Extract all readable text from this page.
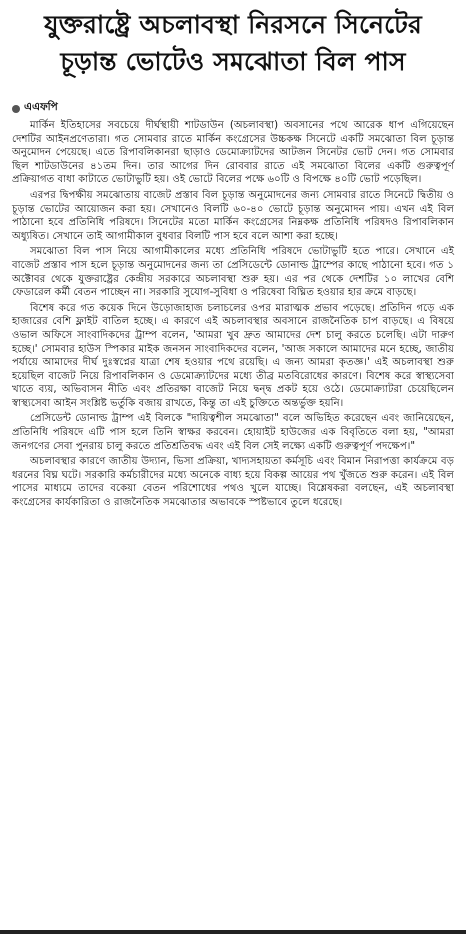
যুক্তরাষ্ট্রে অচলাবস্থা নিরসনে সিনেটের চূড়ান্ত ভোটেও সমঝোতা বিল পাস
এএফপি

মার্কিন ইতিহাসের সবচেয়ে দীর্ঘস্থায়ী শাটডাউন (অচলাবস্থা) অবসানের পথে আরেক ধাপ এগিয়েছেন দেশটির আইনপ্রণেতারা। গত সোমবার রাতে মার্কিন কংগ্রেসের উচ্চকক্ষ সিনেটে একটি সমঝোতা বিল চূড়ান্ত অনুমোদন পেয়েছে। এতে রিপাবলিকানরা ছাড়াও ডেমোক্র্যাটদের আটজন সিনেটর ভোট দেন। গত সোমবার ছিল শাটডাউনের ৪১তম দিন। তার আগের দিন রোববার রাতে এই সমঝোতা বিলের একটি গুরুত্বপূর্ণ প্রক্রিয়াগত বাধা কাটাতে ভোটাভুটি হয়। ওই ভোটে বিলের পক্ষে ৬০টি ও বিপক্ষে ৪০টি ভোট পড়েছিল।

এরপর দ্বিপক্ষীয় সমঝোতায় বাজেট প্রস্তাব বিল চূড়ান্ত অনুমোদনের জন্য সোমবার রাতে সিনেটে দ্বিতীয় ও চূড়ান্ত ভোটের আয়োজন করা হয়। সেখানেও বিলটি ৬০-৪০ ভোটে চূড়ান্ত অনুমোদন পায়। এখন এই বিল পাঠানো হবে প্রতিনিধি পরিষদে। সিনেটের মতো মার্কিন কংগ্রেসের নিম্নকক্ষ প্রতিনিধি পরিষদও রিপাবলিকান অধ্যুষিত। সেখানে তাই আগামীকাল বুধবার বিলটি পাস হবে বলে আশা করা হচ্ছে।

সমঝোতা বিল পাস নিয়ে আগামীকালের মধ্যে প্রতিনিধি পরিষদে ভোটাভুটি হতে পারে। সেখানে এই বাজেট প্রস্তাব পাস হলে চূড়ান্ত অনুমোদনের জন্য তা প্রেসিডেন্টে ডোনাল্ড ট্রাম্পের কাছে পাঠানো হবে। গত ১ অক্টোবর থেকে যুক্তরাষ্ট্রের কেন্দ্রীয় সরকারে অচলাবস্থা শুরু হয়। এর পর থেকে দেশটির ১০ লাখের বেশি ফেডারেল কর্মী বেতন পাচ্ছেন না। সরকারি সুযোগ-সুবিধা ও পরিষেবা বিঘ্নিত হওয়ার হার ক্রমে বাড়ছে।

বিশেষ করে গত কয়েক দিনে উড়োজাহাজ চলাচলের ওপর মারাত্মক প্রভাব পড়েছে। প্রতিদিন গড়ে এক হাজারের বেশি ফ্লাইট বাতিল হচ্ছে। এ কারণে এই অচলাবস্থার অবসানে রাজনৈতিক চাপ বাড়ছে। এ বিষয়ে ওভাল অফিসে সাংবাদিকদের ট্রাম্প বলেন, 'আমরা খুব দ্রুত আমাদের দেশ চালু করতে চলেছি। এটা দারুণ হচ্ছে।' সোমবার হাউস স্পিকার মাইক জনসন সাংবাদিকদের বলেন, 'আজ সকালে আমাদের মনে হচ্ছে, জাতীয় পর্যায়ে আমাদের দীর্ঘ দুঃস্বপ্নের যাত্রা শেষ হওয়ার পথে রয়েছি। এ জন্য আমরা কৃতজ্ঞ।' এই অচলাবস্থা শুরু হয়েছিল বাজেট নিয়ে রিপাবলিকান ও ডেমোক্র্যাটদের মধ্যে তীব্র মতবিরোধের কারণে। বিশেষ করে স্বাস্থ্যসেবা খাতে ব্যয়, অভিবাসন নীতি এবং প্রতিরক্ষা বাজেট নিয়ে দ্বন্দ্ব প্রকট হয়ে ওঠে। ডেমোক্র্যাটরা চেয়েছিলেন স্বাস্থ্যসেবা আইন সংশ্লিষ্ট ভর্তুকি বজায় রাখতে, কিন্তু তা এই চুক্তিতে অন্তর্ভুক্ত হয়নি।

প্রেসিডেন্ট ডোনাল্ড ট্রাম্প এই বিলকে "দায়িত্বশীল সমঝোতা" বলে অভিহিত করেছেন এবং জানিয়েছেন, প্রতিনিধি পরিষদে এটি পাস হলে তিনি স্বাক্ষর করবেন। হোয়াইট হাউজের এক বিবৃতিতে বলা হয়, "আমরা জনগণের সেবা পুনরায় চালু করতে প্রতিশ্রতিবদ্ধ এবং এই বিল সেই লক্ষ্যে একটি গুরুত্বপূর্ণ পদক্ষেপ।"

অচলাবস্থার কারণে জাতীয় উদ্যান, ভিসা প্রক্রিয়া, খাদ্যসহায়তা কর্মসূচি এবং বিমান নিরাপত্তা কার্যক্রমে বড় ধরনের বিঘ্ন ঘটে। সরকারি কর্মচারীদের মধ্যে অনেকে বাধ্য হয়ে বিকল্প আয়ের পথ খুঁজতে শুরু করেন। এই বিল পাসের মাধ্যমে তাদের বকেয়া বেতন পরিশোধের পথও খুলে যাচ্ছে। বিশ্লেষকরা বলছেন, এই অচলাবস্থা কংগ্রেসের কার্যকারিতা ও রাজনৈতিক সমঝোতার অভাবকে স্পষ্টভাবে তুলে ধরেছে।
